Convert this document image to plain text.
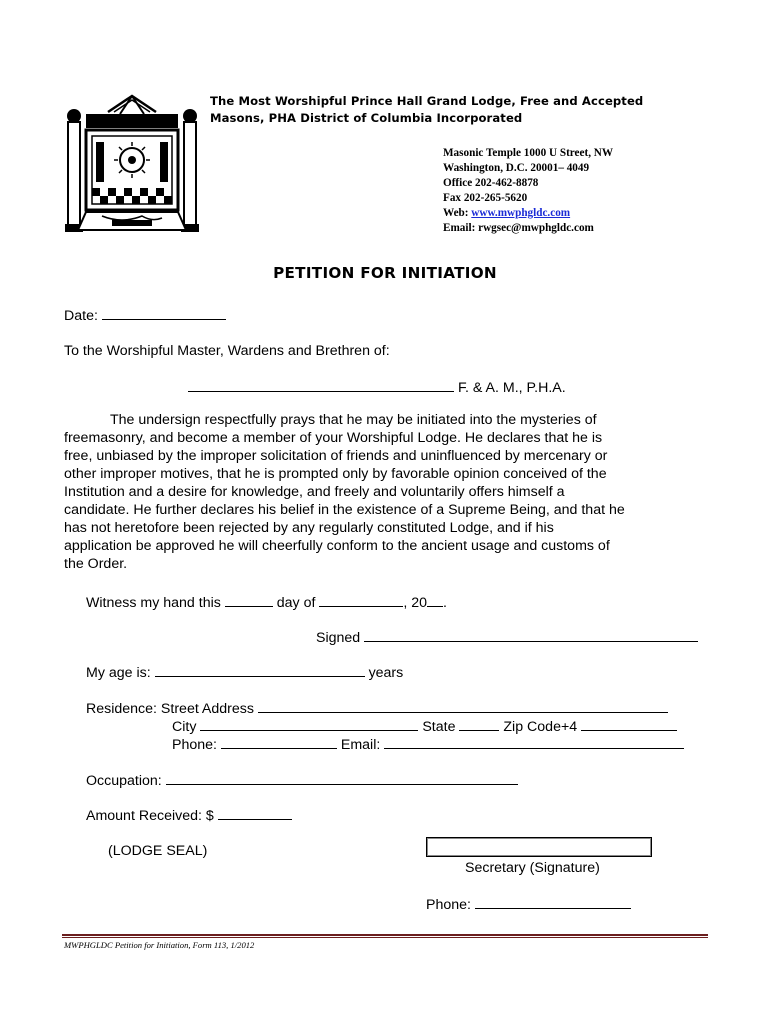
The Most Worshipful Prince Hall Grand Lodge, Free and Accepted
Masons, PHA District of Columbia Incorporated
Masonic Temple 1000 U Street, NW
Washington, D.C. 20001– 4049
Office 202-462-8878
Fax 202-265-5620
Web: www.mwphgldc.com
Email: rwgsec@mwphgldc.com
PETITION FOR INITIATION
Date:
To the Worshipful Master, Wardens and Brethren of:
F. & A. M., P.H.A.
The undersign respectfully prays that he may be initiated into the mysteries of
freemasonry, and become a member of your Worshipful Lodge. He declares that he is
free, unbiased by the improper solicitation of friends and uninfluenced by mercenary or
other improper motives, that he is prompted only by favorable opinion conceived of the
Institution and a desire for knowledge, and freely and voluntarily offers himself a
candidate. He further declares his belief in the existence of a Supreme Being, and that he
has not heretofore been rejected by any regularly constituted Lodge, and if his
application be approved he will cheerfully conform to the ancient usage and customs of
the Order.
Witness my hand this	day of	, 20 .
Signed
My age is:	years
Residence: Street Address
City	State	Zip Code+4
Phone:	Email:
Occupation:
Amount Received: $
(LODGE SEAL)
Secretary (Signature)
Phone:
MWPHGLDC Petition for Initiation, Form 113, 1/2012
